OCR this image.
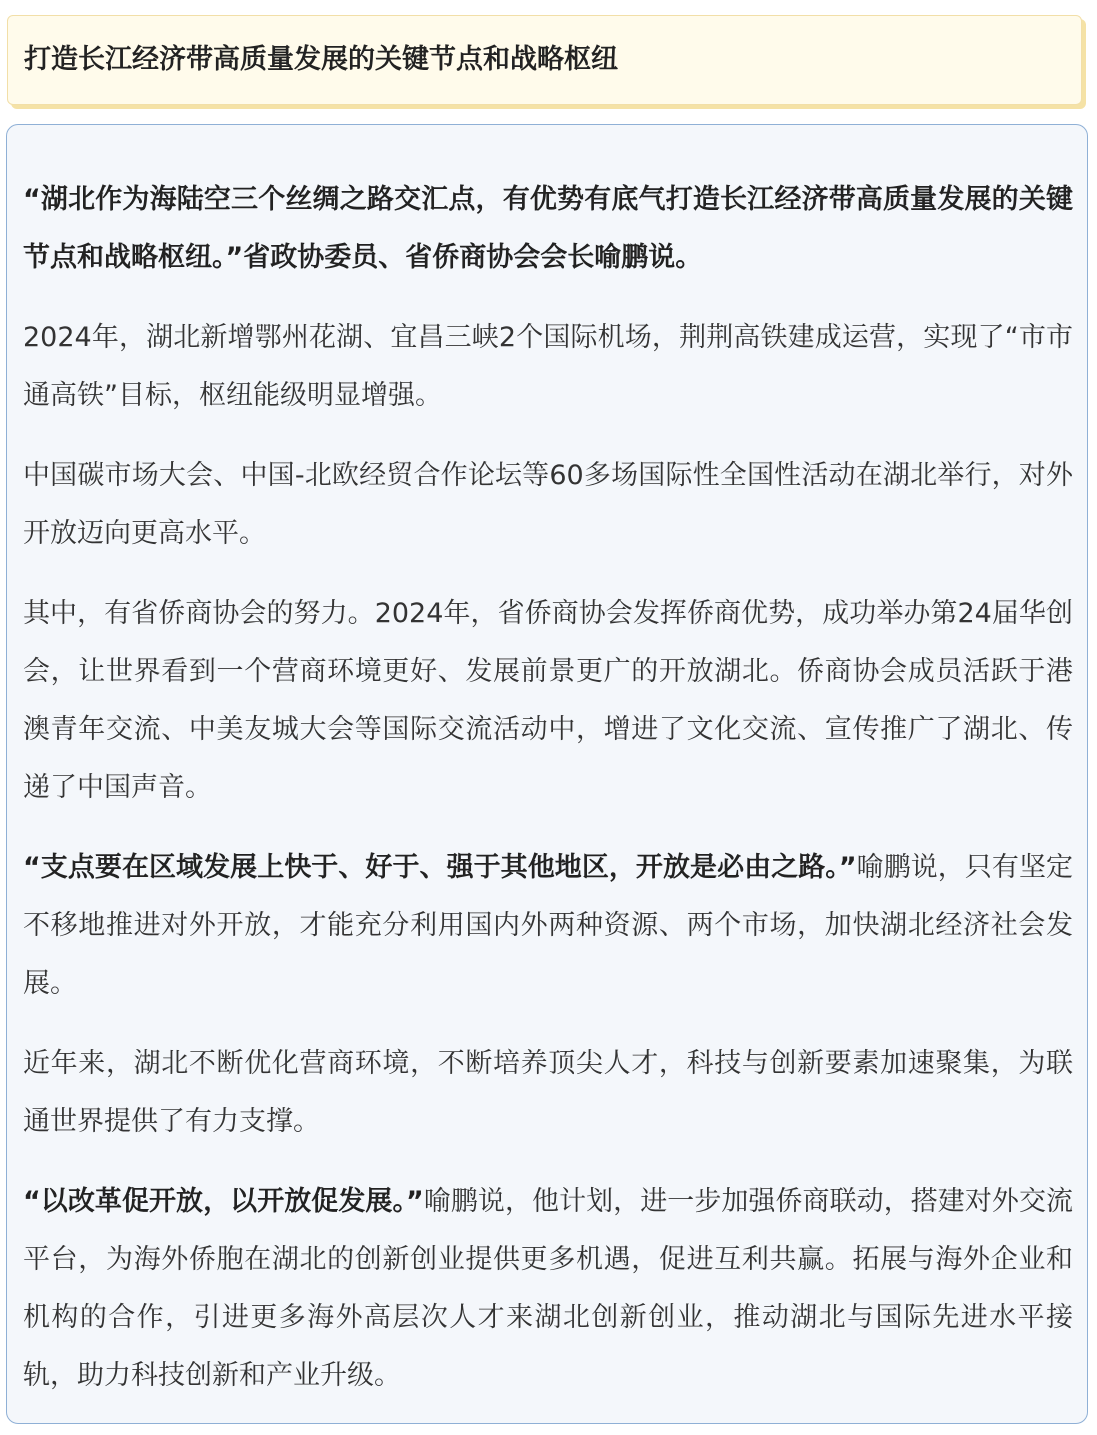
打造长江经济带高质量发展的关键节点和战略枢纽

“湖北作为海陆空三个丝绸之路交汇点，有优势有底气打造长江经济带高质量发展的关键节点和战略枢纽。”省政协委员、省侨商协会会长喻鹏说。

2024年，湖北新增鄂州花湖、宜昌三峡2个国际机场，荆荆高铁建成运营，实现了“市市通高铁”目标，枢纽能级明显增强。

中国碳市场大会、中国-北欧经贸合作论坛等60多场国际性全国性活动在湖北举行，对外开放迈向更高水平。

其中，有省侨商协会的努力。2024年，省侨商协会发挥侨商优势，成功举办第24届华创会，让世界看到一个营商环境更好、发展前景更广的开放湖北。侨商协会成员活跃于港澳青年交流、中美友城大会等国际交流活动中，增进了文化交流、宣传推广了湖北、传递了中国声音。

“支点要在区域发展上快于、好于、强于其他地区，开放是必由之路。”喻鹏说，只有坚定不移地推进对外开放，才能充分利用国内外两种资源、两个市场，加快湖北经济社会发展。

近年来，湖北不断优化营商环境，不断培养顶尖人才，科技与创新要素加速聚集，为联通世界提供了有力支撑。

“以改革促开放，以开放促发展。”喻鹏说，他计划，进一步加强侨商联动，搭建对外交流平台，为海外侨胞在湖北的创新创业提供更多机遇，促进互利共赢。拓展与海外企业和机构的合作，引进更多海外高层次人才来湖北创新创业，推动湖北与国际先进水平接轨，助力科技创新和产业升级。
